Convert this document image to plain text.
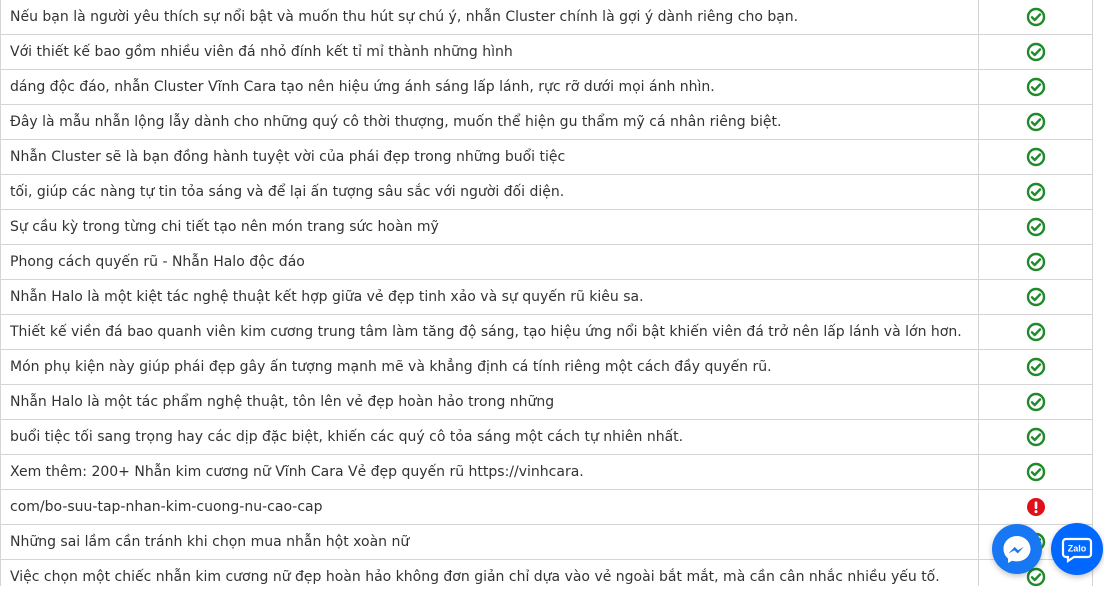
Nếu bạn là người yêu thích sự nổi bật và muốn thu hút sự chú ý, nhẫn Cluster chính là gợi ý dành riêng cho bạn.	

Với thiết kế bao gồm nhiều viên đá nhỏ đính kết tỉ mỉ thành những hình	

dáng độc đáo, nhẫn Cluster Vĩnh Cara tạo nên hiệu ứng ánh sáng lấp lánh, rực rỡ dưới mọi ánh nhìn.	

Đây là mẫu nhẫn lộng lẫy dành cho những quý cô thời thượng, muốn thể hiện gu thẩm mỹ cá nhân riêng biệt.	

Nhẫn Cluster sẽ là bạn đồng hành tuyệt vời của phái đẹp trong những buổi tiệc	

tối, giúp các nàng tự tin tỏa sáng và để lại ấn tượng sâu sắc với người đối diện.	

Sự cầu kỳ trong từng chi tiết tạo nên món trang sức hoàn mỹ	

Phong cách quyến rũ - Nhẫn Halo độc đáo	

Nhẫn Halo là một kiệt tác nghệ thuật kết hợp giữa vẻ đẹp tinh xảo và sự quyến rũ kiêu sa.	

Thiết kế viền đá bao quanh viên kim cương trung tâm làm tăng độ sáng, tạo hiệu ứng nổi bật khiến viên đá trở nên lấp lánh và lớn hơn.	

Món phụ kiện này giúp phái đẹp gây ấn tượng mạnh mẽ và khẳng định cá tính riêng một cách đầy quyến rũ.	

Nhẫn Halo là một tác phẩm nghệ thuật, tôn lên vẻ đẹp hoàn hảo trong những	

buổi tiệc tối sang trọng hay các dịp đặc biệt, khiến các quý cô tỏa sáng một cách tự nhiên nhất.	

Xem thêm: 200+ Nhẫn kim cương nữ Vĩnh Cara Vẻ đẹp quyến rũ https://vinhcara.	

com/bo-suu-tap-nhan-kim-cuong-nu-cao-cap	

Những sai lầm cần tránh khi chọn mua nhẫn hột xoàn nữ	

Việc chọn một chiếc nhẫn kim cương nữ đẹp hoàn hảo không đơn giản chỉ dựa vào vẻ ngoài bắt mắt, mà cần cân nhắc nhiều yếu tố.	
Zalo
